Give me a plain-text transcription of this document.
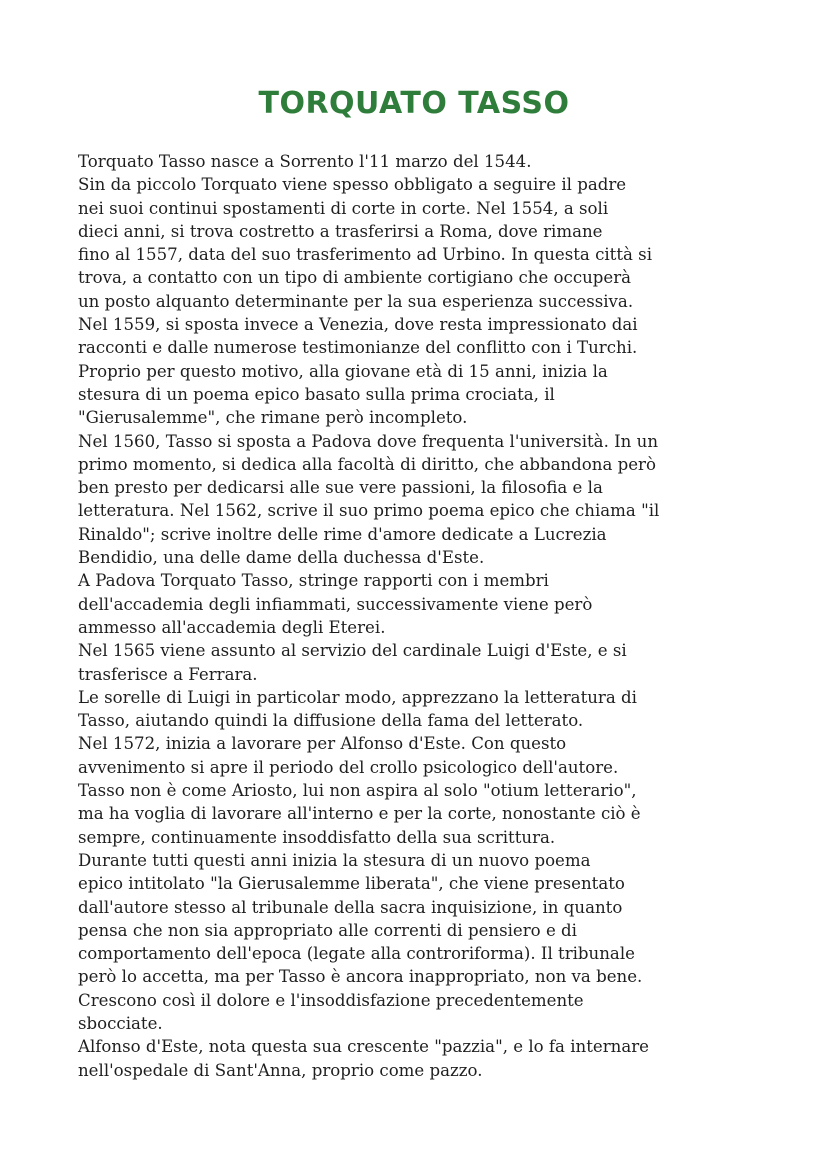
TORQUATO TASSO
Torquato Tasso nasce a Sorrento l'11 marzo del 1544.
Sin da piccolo Torquato viene spesso obbligato a seguire il padre
nei suoi continui spostamenti di corte in corte. Nel 1554, a soli
dieci anni, si trova costretto a trasferirsi a Roma, dove rimane
fino al 1557, data del suo trasferimento ad Urbino. In questa città si
trova, a contatto con un tipo di ambiente cortigiano che occuperà
un posto alquanto determinante per la sua esperienza successiva.
Nel 1559, si sposta invece a Venezia, dove resta impressionato dai
racconti e dalle numerose testimonianze del conflitto con i Turchi.
Proprio per questo motivo, alla giovane età di 15 anni, inizia la
stesura di un poema epico basato sulla prima crociata, il
"Gierusalemme", che rimane però incompleto.
Nel 1560, Tasso si sposta a Padova dove frequenta l'università. In un
primo momento, si dedica alla facoltà di diritto, che abbandona però
ben presto per dedicarsi alle sue vere passioni, la filosofia e la
letteratura. Nel 1562, scrive il suo primo poema epico che chiama "il
Rinaldo"; scrive inoltre delle rime d'amore dedicate a Lucrezia
Bendidio, una delle dame della duchessa d'Este.
A Padova Torquato Tasso, stringe rapporti con i membri
dell'accademia degli infiammati, successivamente viene però
ammesso all'accademia degli Eterei.
Nel 1565 viene assunto al servizio del cardinale Luigi d'Este, e si
trasferisce a Ferrara.
Le sorelle di Luigi in particolar modo, apprezzano la letteratura di
Tasso, aiutando quindi la diffusione della fama del letterato.
Nel 1572, inizia a lavorare per Alfonso d'Este. Con questo
avvenimento si apre il periodo del crollo psicologico dell'autore.
Tasso non è come Ariosto, lui non aspira al solo "otium letterario",
ma ha voglia di lavorare all'interno e per la corte, nonostante ciò è
sempre, continuamente insoddisfatto della sua scrittura.
Durante tutti questi anni inizia la stesura di un nuovo poema
epico intitolato "la Gierusalemme liberata", che viene presentato
dall'autore stesso al tribunale della sacra inquisizione, in quanto
pensa che non sia appropriato alle correnti di pensiero e di
comportamento dell'epoca (legate alla controriforma). Il tribunale
però lo accetta, ma per Tasso è ancora inappropriato, non va bene.
Crescono così il dolore e l'insoddisfazione precedentemente
sbocciate.
Alfonso d'Este, nota questa sua crescente "pazzia", e lo fa internare
nell'ospedale di Sant'Anna, proprio come pazzo.
